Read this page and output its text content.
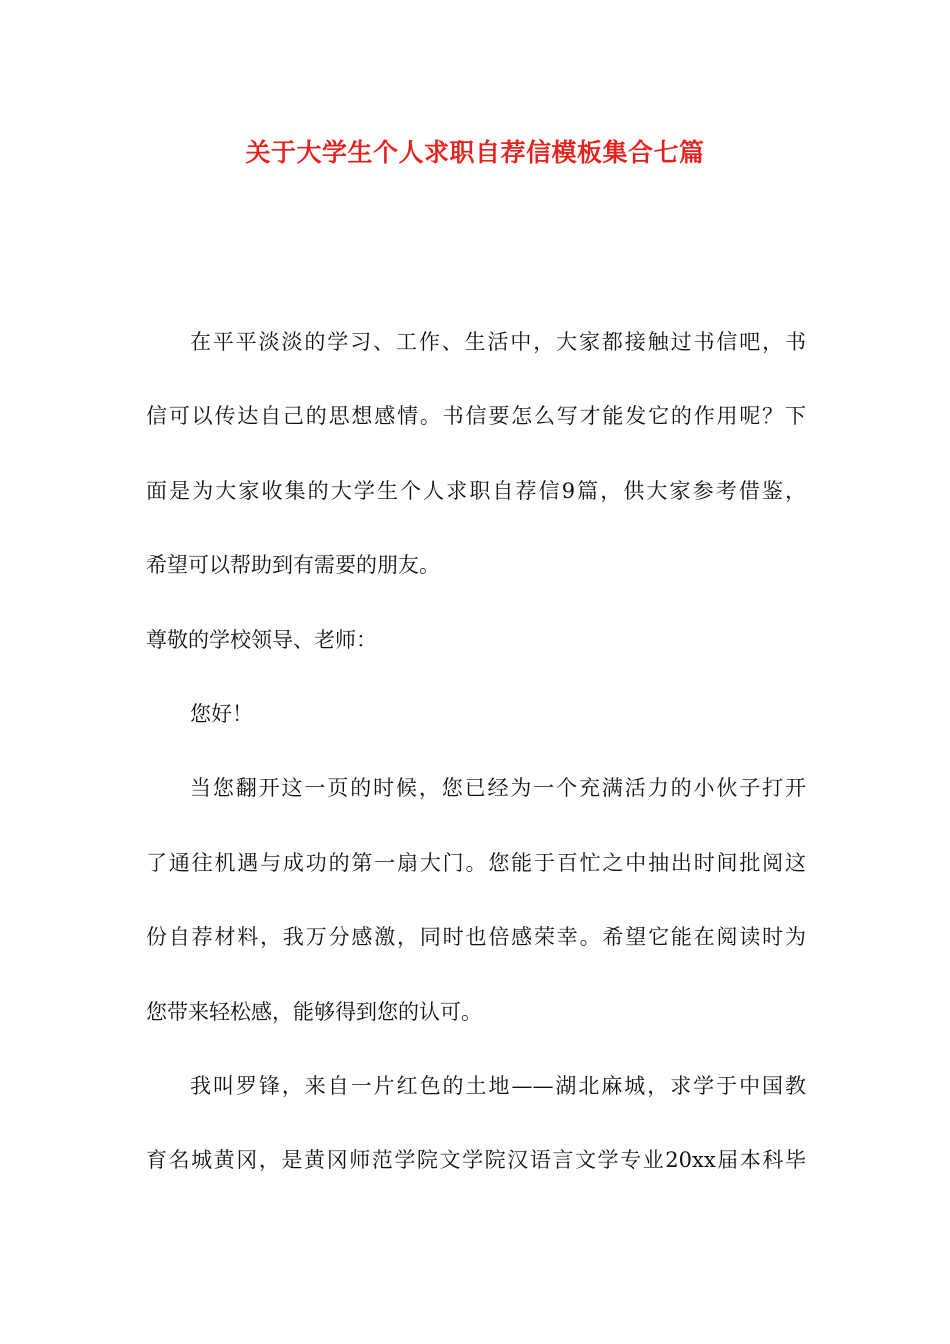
关于大学生个人求职自荐信模板集合七篇
在平平淡淡的学习、工作、生活中，大家都接触过书信吧，书
信可以传达自己的思想感情。书信要怎么写才能发它的作用呢？下
面是为大家收集的大学生个人求职自荐信9篇，供大家参考借鉴，
希望可以帮助到有需要的朋友。
尊敬的学校领导、老师：
您好！
当您翻开这一页的时候，您已经为一个充满活力的小伙子打开
了通往机遇与成功的第一扇大门。您能于百忙之中抽出时间批阅这
份自荐材料，我万分感激，同时也倍感荣幸。希望它能在阅读时为
您带来轻松感，能够得到您的认可。
我叫罗锋，来自一片红色的土地——湖北麻城，求学于中国教
育名城黄冈，是黄冈师范学院文学院汉语言文学专业20xx届本科毕
